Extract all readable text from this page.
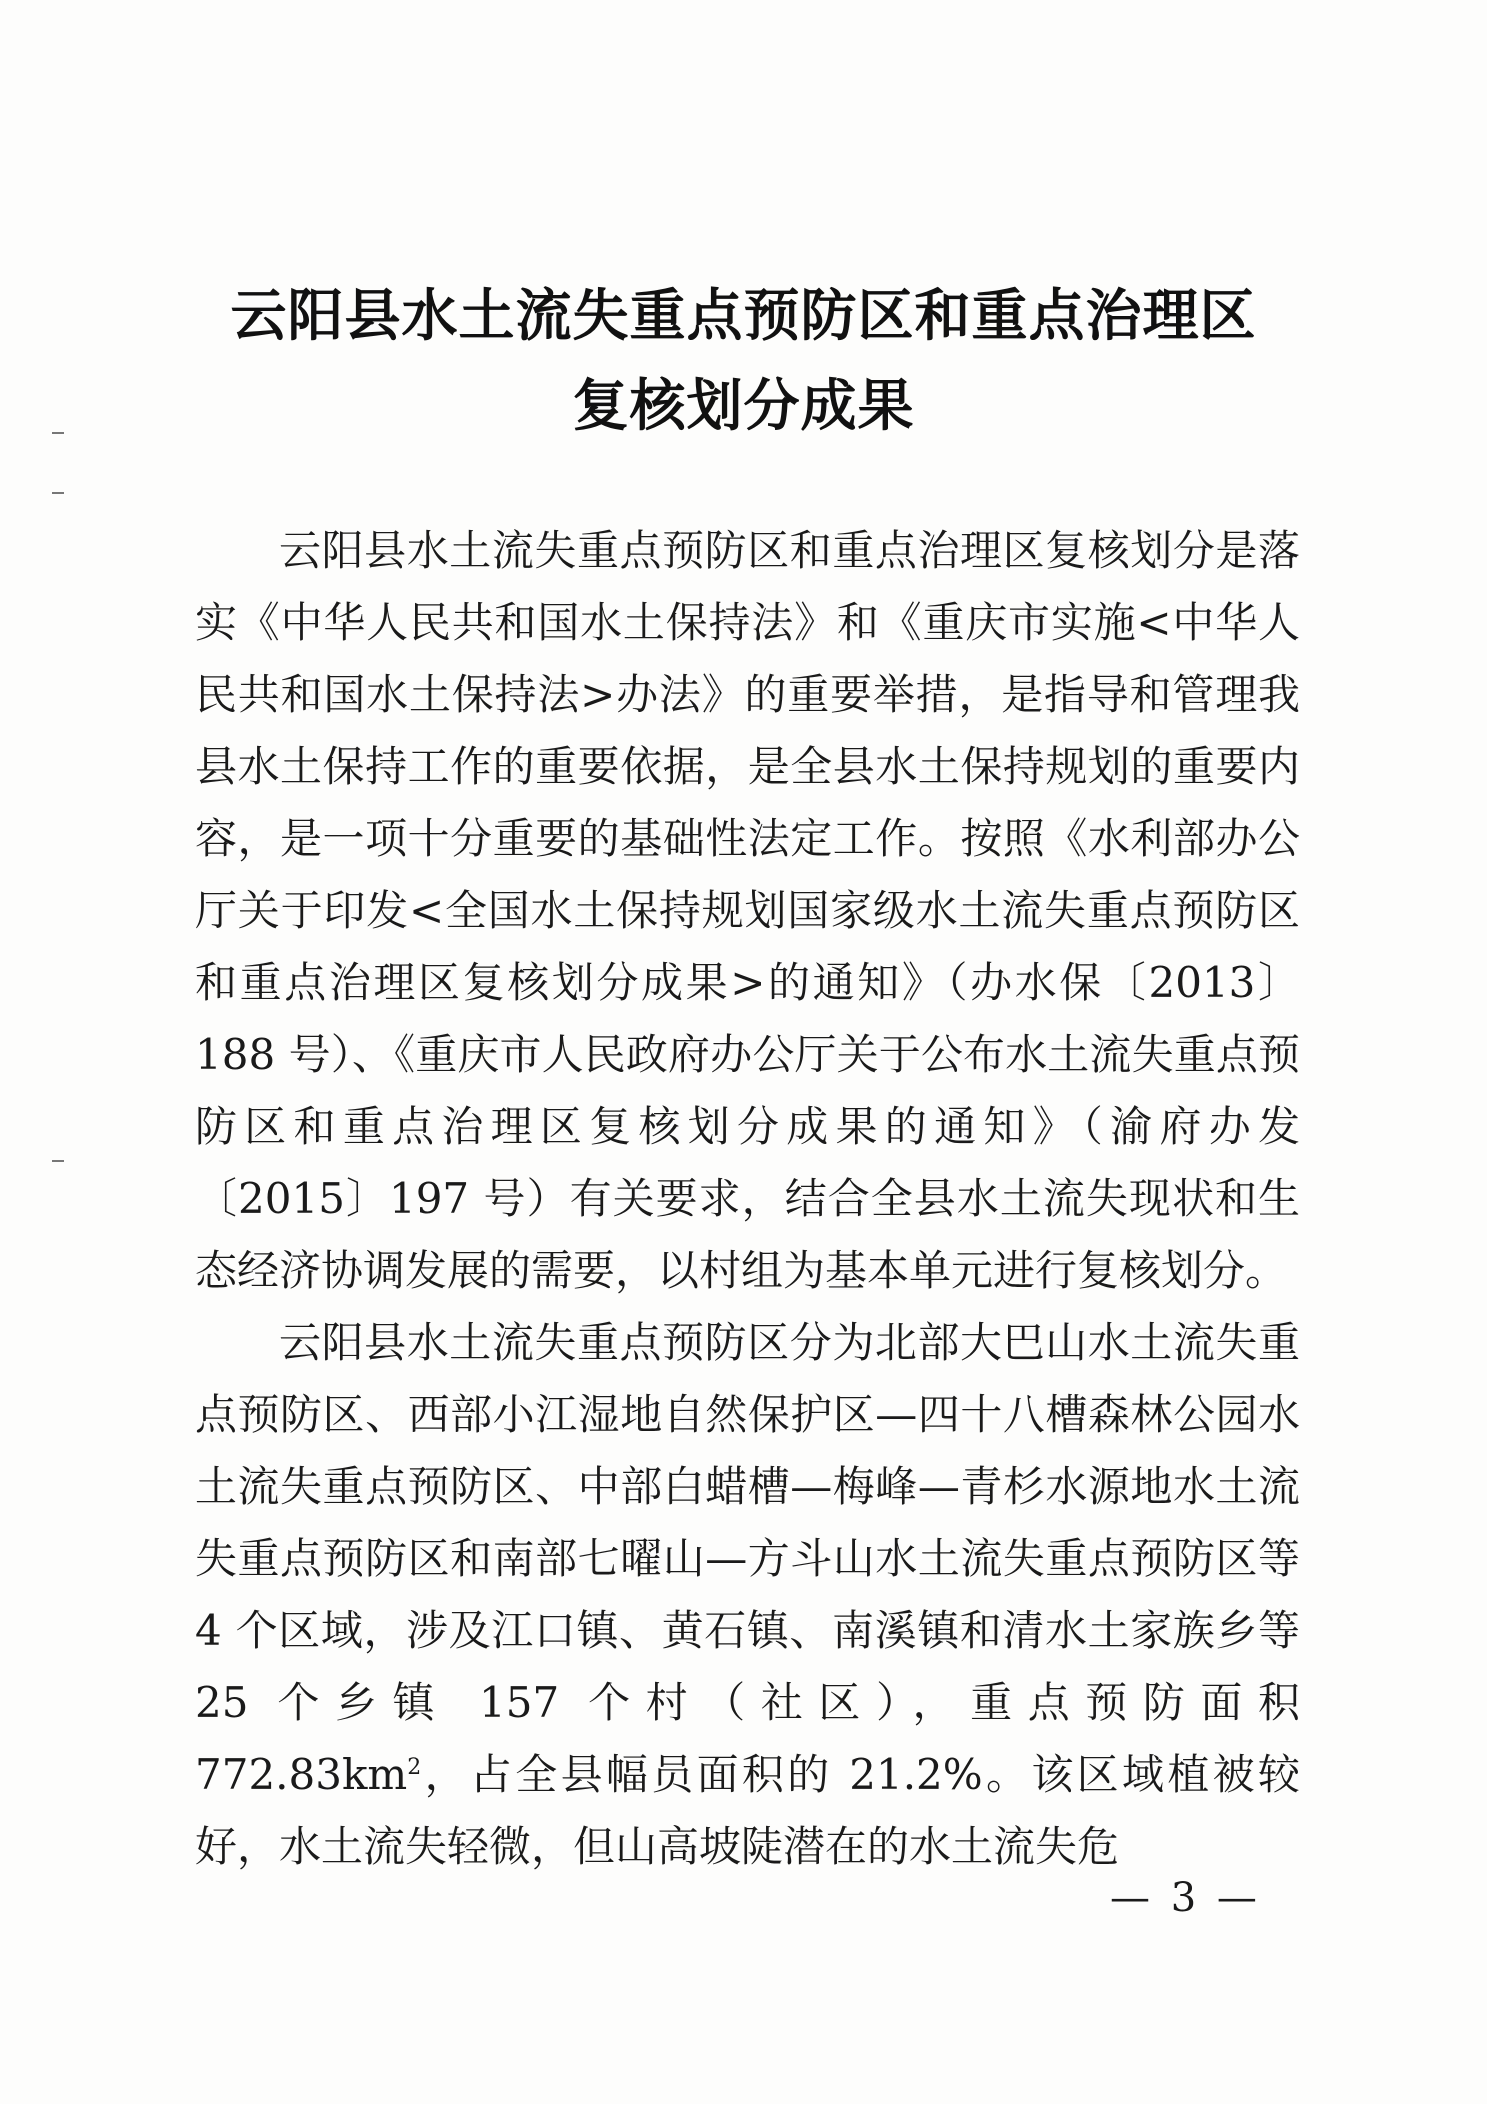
云阳县水土流失重点预防区和重点治理区
复核划分成果

云阳县水土流失重点预防区和重点治理区复核划分是落实《中华人民共和国水土保持法》和《重庆市实施<中华人民共和国水土保持法>办法》的重要举措，是指导和管理我县水土保持工作的重要依据，是全县水土保持规划的重要内容，是一项十分重要的基础性法定工作。按照《水利部办公厅关于印发<全国水土保持规划国家级水土流失重点预防区和重点治理区复核划分成果>的通知》（办水保〔2013〕188 号）、《重庆市人民政府办公厅关于公布水土流失重点预防区和重点治理区复核划分成果的通知》（渝府办发〔2015〕197 号）有关要求，结合全县水土流失现状和生态经济协调发展的需要，以村组为基本单元进行复核划分。

云阳县水土流失重点预防区分为北部大巴山水土流失重点预防区、西部小江湿地自然保护区—四十八槽森林公园水土流失重点预防区、中部白蜡槽—梅峰—青杉水源地水土流失重点预防区和南部七曜山—方斗山水土流失重点预防区等 4 个区域，涉及江口镇、黄石镇、南溪镇和清水土家族乡等 25 个乡镇 157 个村（社区），重点预防面积 $772.83km^2$，占全县幅员面积的 21.2%。该区域植被较好，水土流失轻微，但山高坡陡潜在的水土流失危

— 3 —
